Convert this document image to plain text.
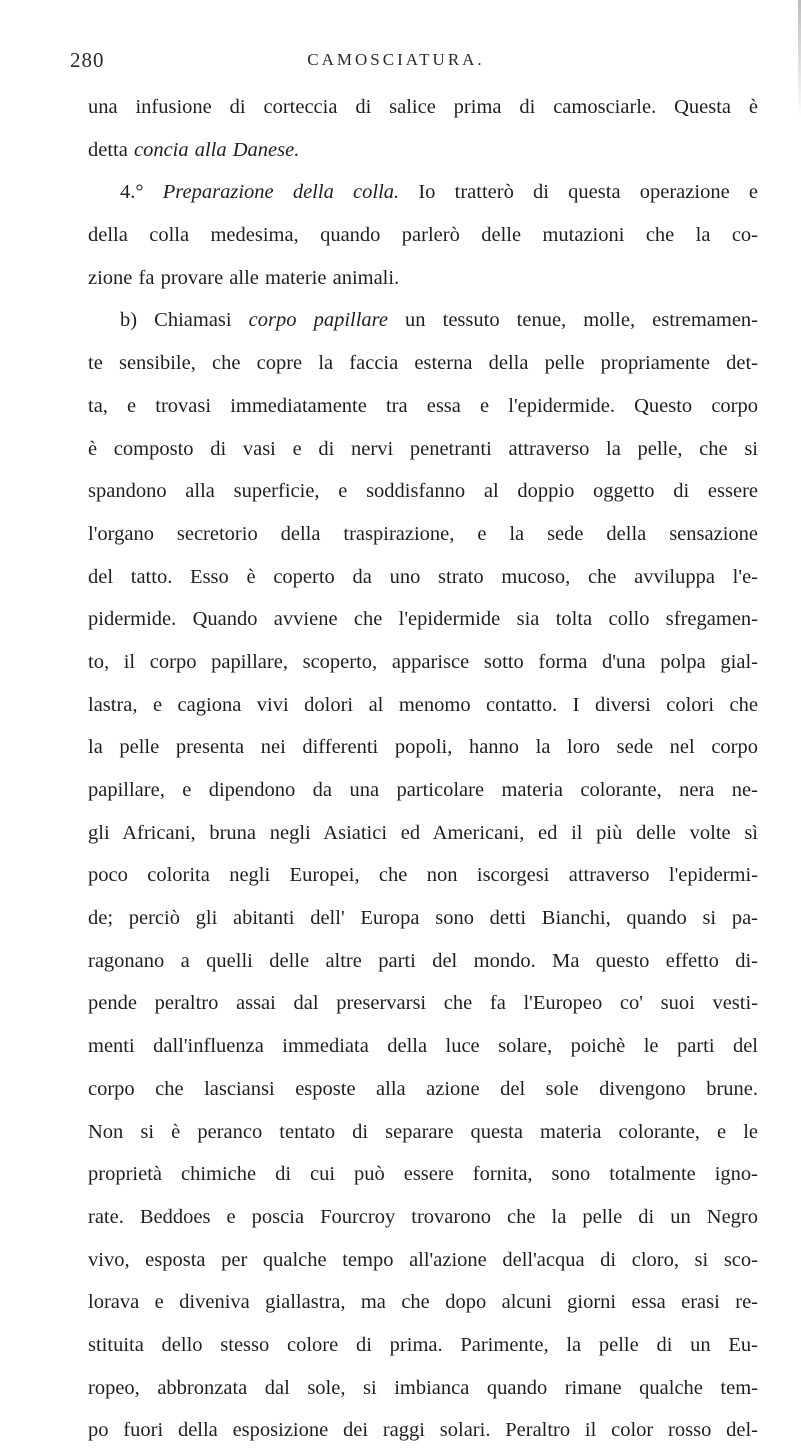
280	CAMOSCIATURA.
una infusione di corteccia di salice prima di camosciarle. Questa è
detta concia alla Danese.
4.° Preparazione della colla. Io tratterò di questa operazione e
della colla medesima, quando parlerò delle mutazioni che la co-
zione fa provare alle materie animali.
b) Chiamasi corpo papillare un tessuto tenue, molle, estremamen-
te sensibile, che copre la faccia esterna della pelle propriamente det-
ta, e trovasi immediatamente tra essa e l'epidermide. Questo corpo
è composto di vasi e di nervi penetranti attraverso la pelle, che si
spandono alla superficie, e soddisfanno al doppio oggetto di essere
l'organo secretorio della traspirazione, e la sede della sensazione
del tatto. Esso è coperto da uno strato mucoso, che avviluppa l'e-
pidermide. Quando avviene che l'epidermide sia tolta collo sfregamen-
to, il corpo papillare, scoperto, apparisce sotto forma d'una polpa gial-
lastra, e cagiona vivi dolori al menomo contatto. I diversi colori che
la pelle presenta nei differenti popoli, hanno la loro sede nel corpo
papillare, e dipendono da una particolare materia colorante, nera ne-
gli Africani, bruna negli Asiatici ed Americani, ed il più delle volte sì
poco colorita negli Europei, che non iscorgesi attraverso l'epidermi-
de; perciò gli abitanti dell' Europa sono detti Bianchi, quando si pa-
ragonano a quelli delle altre parti del mondo. Ma questo effetto di-
pende peraltro assai dal preservarsi che fa l'Europeo co' suoi vesti-
menti dall'influenza immediata della luce solare, poichè le parti del
corpo che lasciansi esposte alla azione del sole divengono brune.
Non si è peranco tentato di separare questa materia colorante, e le
proprietà chimiche di cui può essere fornita, sono totalmente igno-
rate. Beddoes e poscia Fourcroy trovarono che la pelle di un Negro
vivo, esposta per qualche tempo all'azione dell'acqua di cloro, si sco-
lorava e diveniva giallastra, ma che dopo alcuni giorni essa erasi re-
stituita dello stesso colore di prima. Parimente, la pelle di un Eu-
ropeo, abbronzata dal sole, si imbianca quando rimane qualche tem-
po fuori della esposizione dei raggi solari. Peraltro il color rosso del-
